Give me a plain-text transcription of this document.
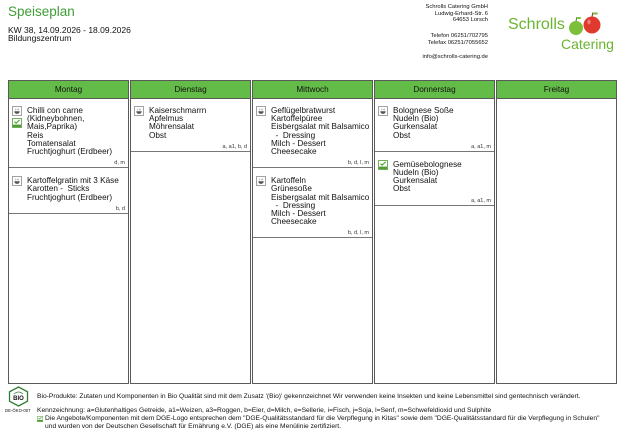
Speiseplan
KW 38, 14.09.2026 - 18.09.2026
Bildungszentrum
Schrolls Catering GmbH
Ludwig-Erhard-Str. 6
64653 Lorsch
Telefon 06251/702795
Telefax 06251/7055652
info@schrolls-catering.de
Schrolls
Catering
Montag
Chilli con carne
(Kidneybohnen,
Mais,Paprika)
Reis
Tomatensalat
Fruchtjoghurt (Erdbeer)
d, m
Kartoffelgratin mit 3 Käse
Karotten -  Sticks
Fruchtjoghurt (Erdbeer)
b, d
Dienstag
Kaiserschmarrn
Apfelmus
Möhrensalat
Obst
a, a1, b, d
Mittwoch
Geflügelbratwurst
Kartoffelpüree
Eisbergsalat mit Balsamico
-  Dressing
Milch - Dessert
Cheesecake
b, d, l, m
Kartoffeln
Grünesoße
Eisbergsalat mit Balsamico
-  Dressing
Milch - Dessert
Cheesecake
b, d, l, m
Donnerstag
Bolognese Soße
Nudeln (Bio)
Gurkensalat
Obst
a, a1, m
Gemüsebolognese
Nudeln (Bio)
Gurkensalat
Obst
a, a1, m
Freitag
BIO
DE-ÖKO-007
Bio-Produkte: Zutaten und Komponenten in Bio Qualität sind mit dem Zusatz '(Bio)' gekennzeichnet Wir verwenden keine Insekten und keine Lebensmittel sind gentechnisch verändert.
Kennzeichnung: a=Glutenhaltiges Getreide, a1=Weizen, a3=Roggen, b=Eier, d=Milch, e=Sellerie, i=Fisch, j=Soja, l=Senf, m=Schwefeldioxid und Sulphite
Die Angebote/Komponenten mit dem DGE-Logo entsprechen dem "DGE-Qualitätsstandard für die Verpflegung in Kitas" sowie dem "DGE-Qualitätsstandard für die Verpflegung in Schulen"
und wurden von der Deutschen Gesellschaft für Ernährung e.V. (DGE) als eine Menülinie zertifiziert.
